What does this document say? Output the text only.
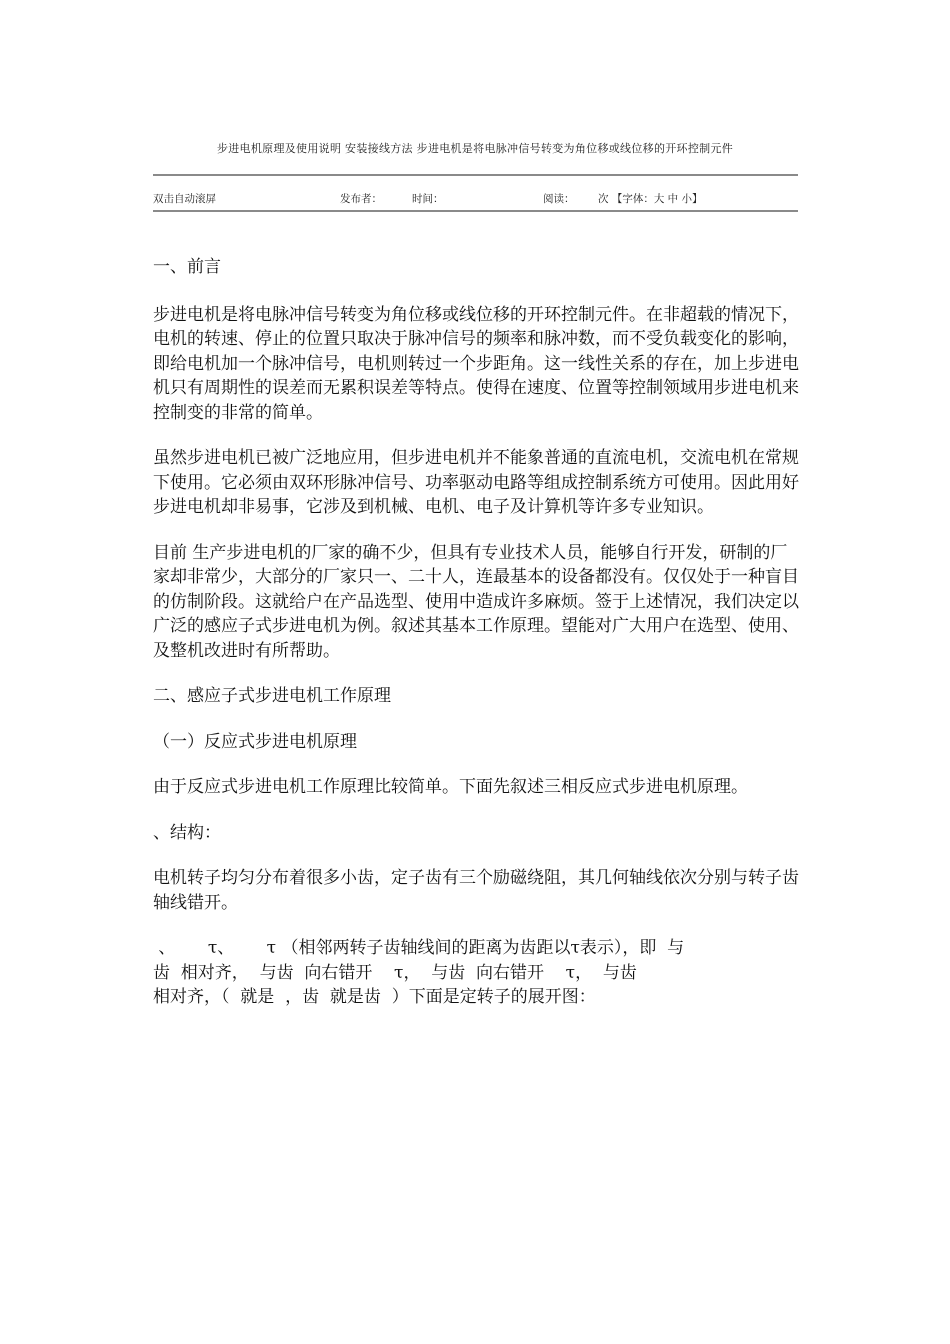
步进电机原理及使用说明 安装接线方法 步进电机是将电脉冲信号转变为角位移或线位移的开环控制元件
双击自动滚屏	发布者：	时间：	阅读： 次 【字体：大 中 小】

一、前言

步进电机是将电脉冲信号转变为角位移或线位移的开环控制元件。在非超载的情况下，电机的转速、停止的位置只取决于脉冲信号的频率和脉冲数，而不受负载变化的影响，即给电机加一个脉冲信号，电机则转过一个步距角。这一线性关系的存在，加上步进电机只有周期性的误差而无累积误差等特点。使得在速度、位置等控制领域用步进电机来控制变的非常的简单。

虽然步进电机已被广泛地应用，但步进电机并不能象普通的直流电机，交流电机在常规下使用。它必须由双环形脉冲信号、功率驱动电路等组成控制系统方可使用。因此用好步进电机却非易事，它涉及到机械、电机、电子及计算机等许多专业知识。

目前 生产步进电机的厂家的确不少，但具有专业技术人员，能够自行开发，研制的厂家却非常少，大部分的厂家只一、二十人，连最基本的设备都没有。仅仅处于一种盲目的仿制阶段。这就给户在产品选型、使用中造成许多麻烦。签于上述情况，我们决定以广泛的感应子式步进电机为例。叙述其基本工作原理。望能对广大用户在选型、使用、及整机改进时有所帮助。

二、感应子式步进电机工作原理

（一）反应式步进电机原理

由于反应式步进电机工作原理比较简单。下面先叙述三相反应式步进电机原理。

、结构：

电机转子均匀分布着很多小齿，定子齿有三个励磁绕阻，其几何轴线依次分别与转子齿轴线错开。

、      τ、      τ （相邻两转子齿轴线间的距离为齿距以τ表示），即  与

齿  相对齐，  与齿  向右错开    τ，  与齿  向右错开    τ，  与齿

相对齐，（  就是  ，齿  就是齿  ）下面是定转子的展开图：
